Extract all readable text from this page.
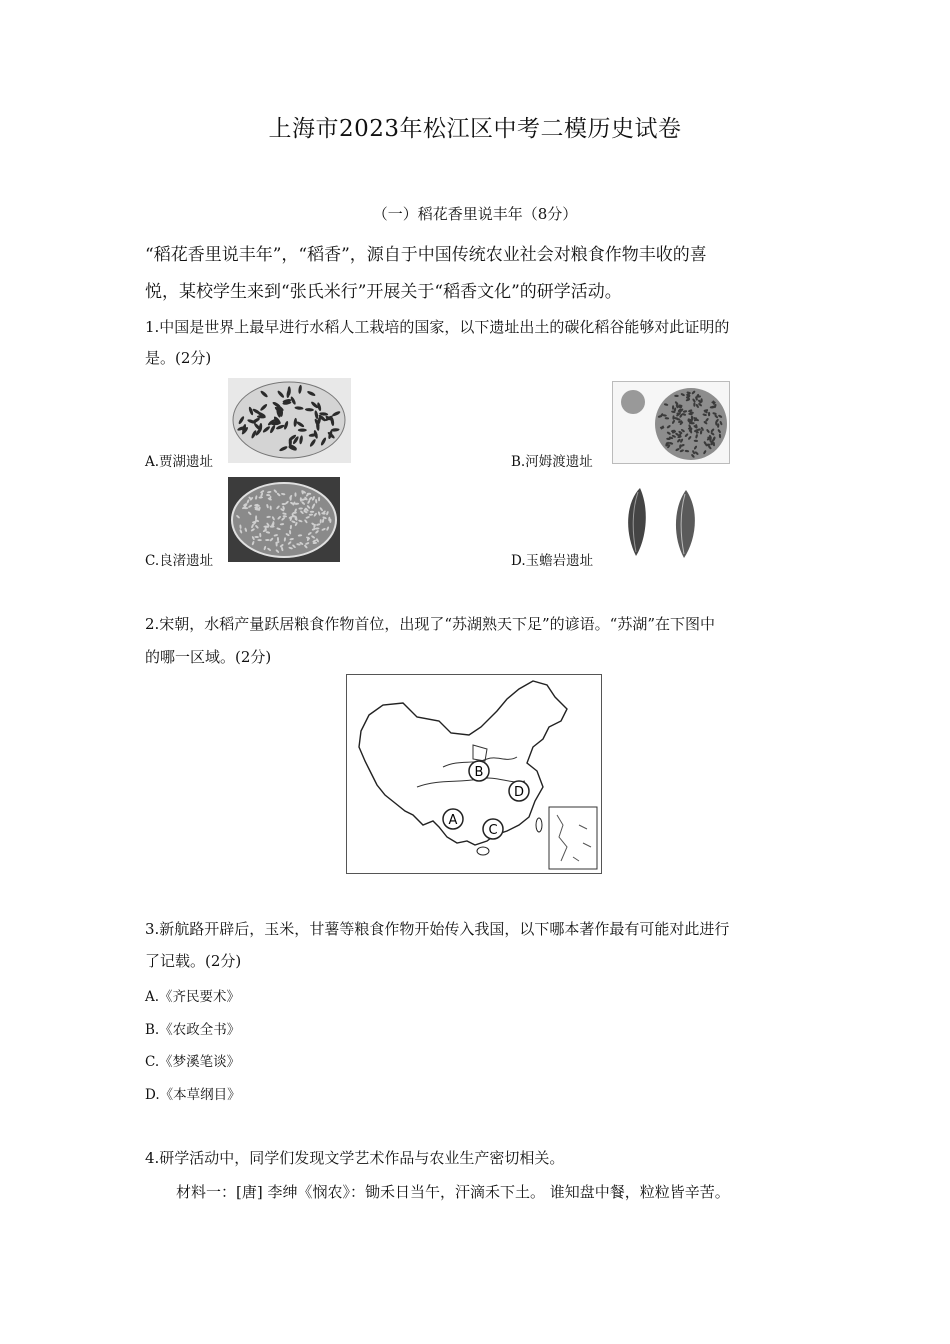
上海市2023年松江区中考二模历史试卷
（一）稻花香里说丰年（8分）
“稻花香里说丰年”，“稻香”，源自于中国传统农业社会对粮食作物丰收的喜
悦，某校学生来到“张氏米行”开展关于“稻香文化”的研学活动。
1.中国是世界上最早进行水稻人工栽培的国家，以下遗址出土的碳化稻谷能够对此证明的
是。(2分)
A.贾湖遗址	B.河姆渡遗址
C.良渚遗址	D.玉蟾岩遗址
2.宋朝，水稻产量跃居粮食作物首位，出现了“苏湖熟天下足”的谚语。“苏湖”在下图中
的哪一区域。(2分)
B
D
A
C
3.新航路开辟后，玉米，甘薯等粮食作物开始传入我国，以下哪本著作最有可能对此进行
了记载。(2分)
A.《齐民要术》
B.《农政全书》
C.《梦溪笔谈》
D.《本草纲目》
4.研学活动中，同学们发现文学艺术作品与农业生产密切相关。
材料一：[唐] 李绅《悯农》：锄禾日当午，汗滴禾下土。 谁知盘中餐，粒粒皆辛苦。
